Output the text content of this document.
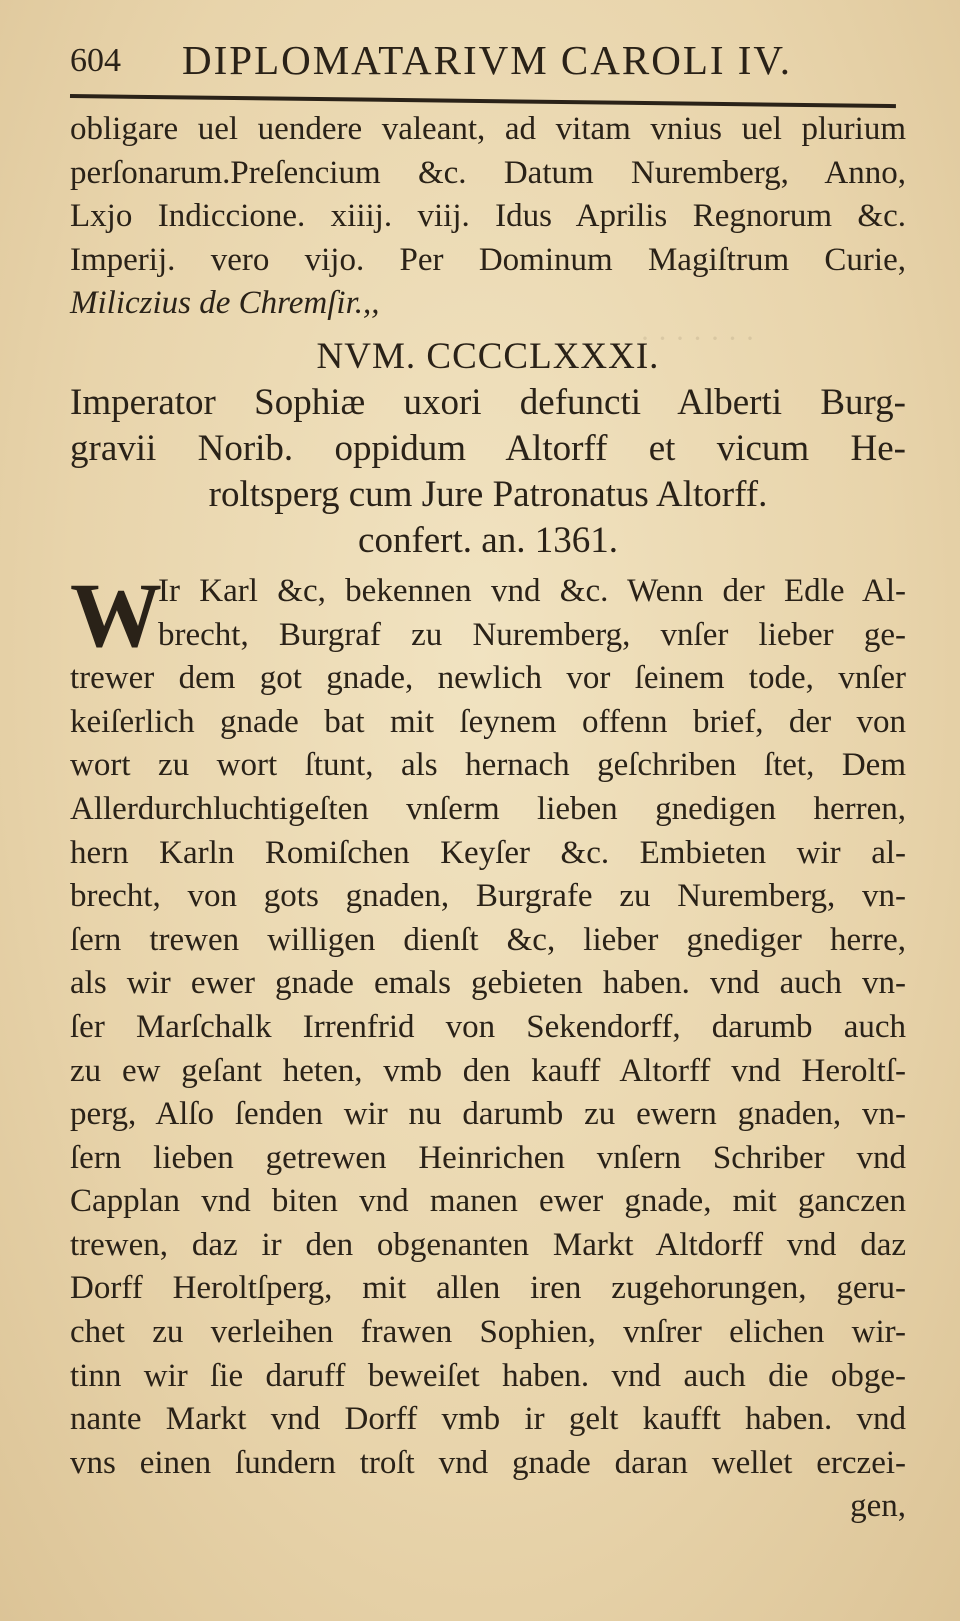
· · · · · · ·
604 DIPLOMATARIVM CAROLI IV.
obligare uel uendere valeant, ad vitam vnius uel plurium
perſonarum.Preſencium &c. Datum Nuremberg, Anno,
Lxjo Indiccione. xiiij. viij. Idus Aprilis Regnorum &c.
Imperij. vero vijo. Per Dominum Magiſtrum Curie,
Miliczius de Chremſir.,,
NVM. CCCCLXXXI.
Imperator Sophiæ uxori defuncti Alberti Burg-
gravii Norib. oppidum Altorff et vicum He-
roltsperg cum Jure Patronatus Altorff.
confert. an. 1361.
W
Ir Karl &c, bekennen vnd &c. Wenn der Edle Al-
brecht, Burgraf zu Nuremberg, vnſer lieber ge-
trewer dem got gnade, newlich vor ſeinem tode, vnſer
keiſerlich gnade bat mit ſeynem offenn brief, der von
wort zu wort ſtunt, als hernach geſchriben ſtet, Dem
Allerdurchluchtigeſten vnſerm lieben gnedigen herren,
hern Karln Romiſchen Keyſer &c. Embieten wir al-
brecht, von gots gnaden, Burgrafe zu Nuremberg, vn-
ſern trewen willigen dienſt &c, lieber gnediger herre,
als wir ewer gnade emals gebieten haben. vnd auch vn-
ſer Marſchalk Irrenfrid von Sekendorff, darumb auch
zu ew geſant heten, vmb den kauff Altorff vnd Heroltſ-
perg, Alſo ſenden wir nu darumb zu ewern gnaden, vn-
ſern lieben getrewen Heinrichen vnſern Schriber vnd
Capplan vnd biten vnd manen ewer gnade, mit ganczen
trewen, daz ir den obgenanten Markt Altdorff vnd daz
Dorff Heroltſperg, mit allen iren zugehorungen, geru-
chet zu verleihen frawen Sophien, vnſrer elichen wir-
tinn wir ſie daruff beweiſet haben. vnd auch die obge-
nante Markt vnd Dorff vmb ir gelt kaufft haben. vnd
vns einen ſundern troſt vnd gnade daran wellet erczei-
gen,
